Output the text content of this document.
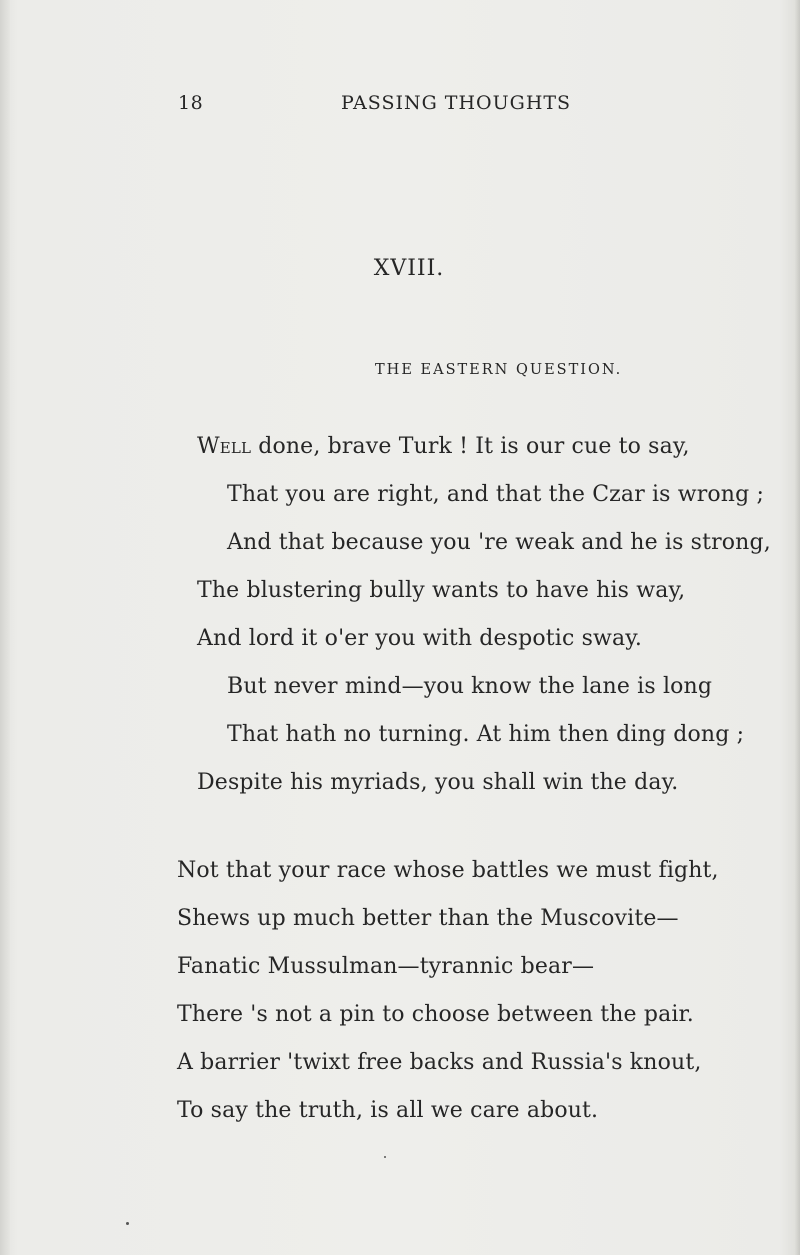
18	PASSING THOUGHTS
XVIII.
THE EASTERN QUESTION.
Well done, brave Turk ! It is our cue to say,
That you are right, and that the Czar is wrong ;
And that because you 're weak and he is strong,
The blustering bully wants to have his way,
And lord it o'er you with despotic sway.
But never mind—you know the lane is long
That hath no turning. At him then ding dong ;
Despite his myriads, you shall win the day.
Not that your race whose battles we must fight,
Shews up much better than the Muscovite—
Fanatic Mussulman—tyrannic bear—
There 's not a pin to choose between the pair.
A barrier 'twixt free backs and Russia's knout,
To say the truth, is all we care about.
